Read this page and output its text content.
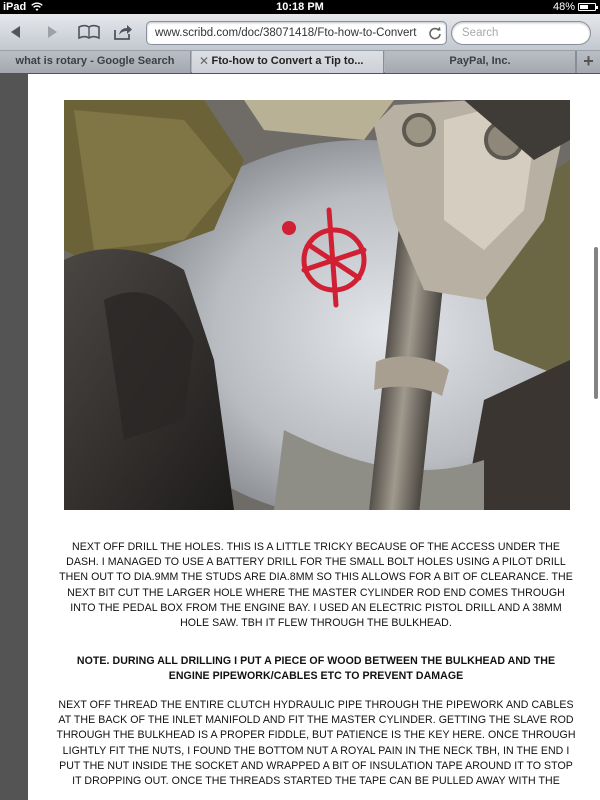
iPad	10:18 PM	48%
www.scribd.com/doc/38071418/Fto-how-to-Convert	Search
what is rotary - Google Search	✕ Fto-how to Convert a Tip to...	PayPal, Inc.	+

NEXT OFF DRILL THE HOLES. THIS IS A LITTLE TRICKY BECAUSE OF THE ACCESS UNDER THE DASH. I MANAGED TO USE A BATTERY DRILL FOR THE SMALL BOLT HOLES USING A PILOT DRILL THEN OUT TO DIA.9MM THE STUDS ARE DIA.8MM SO THIS ALLOWS FOR A BIT OF CLEARANCE. THE NEXT BIT CUT THE LARGER HOLE WHERE THE MASTER CYLINDER ROD END COMES THROUGH INTO THE PEDAL BOX FROM THE ENGINE BAY. I USED AN ELECTRIC PISTOL DRILL AND A 38MM HOLE SAW. TBH IT FLEW THROUGH THE BULKHEAD.

NOTE. DURING ALL DRILLING I PUT A PIECE OF WOOD BETWEEN THE BULKHEAD AND THE ENGINE PIPEWORK/CABLES ETC TO PREVENT DAMAGE

NEXT OFF THREAD THE ENTIRE CLUTCH HYDRAULIC PIPE THROUGH THE PIPEWORK AND CABLES AT THE BACK OF THE INLET MANIFOLD AND FIT THE MASTER CYLINDER. GETTING THE SLAVE ROD THROUGH THE BULKHEAD IS A PROPER FIDDLE, BUT PATIENCE IS THE KEY HERE. ONCE THROUGH LIGHTLY FIT THE NUTS, I FOUND THE BOTTOM NUT A ROYAL PAIN IN THE NECK TBH, IN THE END I PUT THE NUT INSIDE THE SOCKET AND WRAPPED A BIT OF INSULATION TAPE AROUND IT TO STOP IT DROPPING OUT. ONCE THE THREADS STARTED THE TAPE CAN BE PULLED AWAY WITH THE
